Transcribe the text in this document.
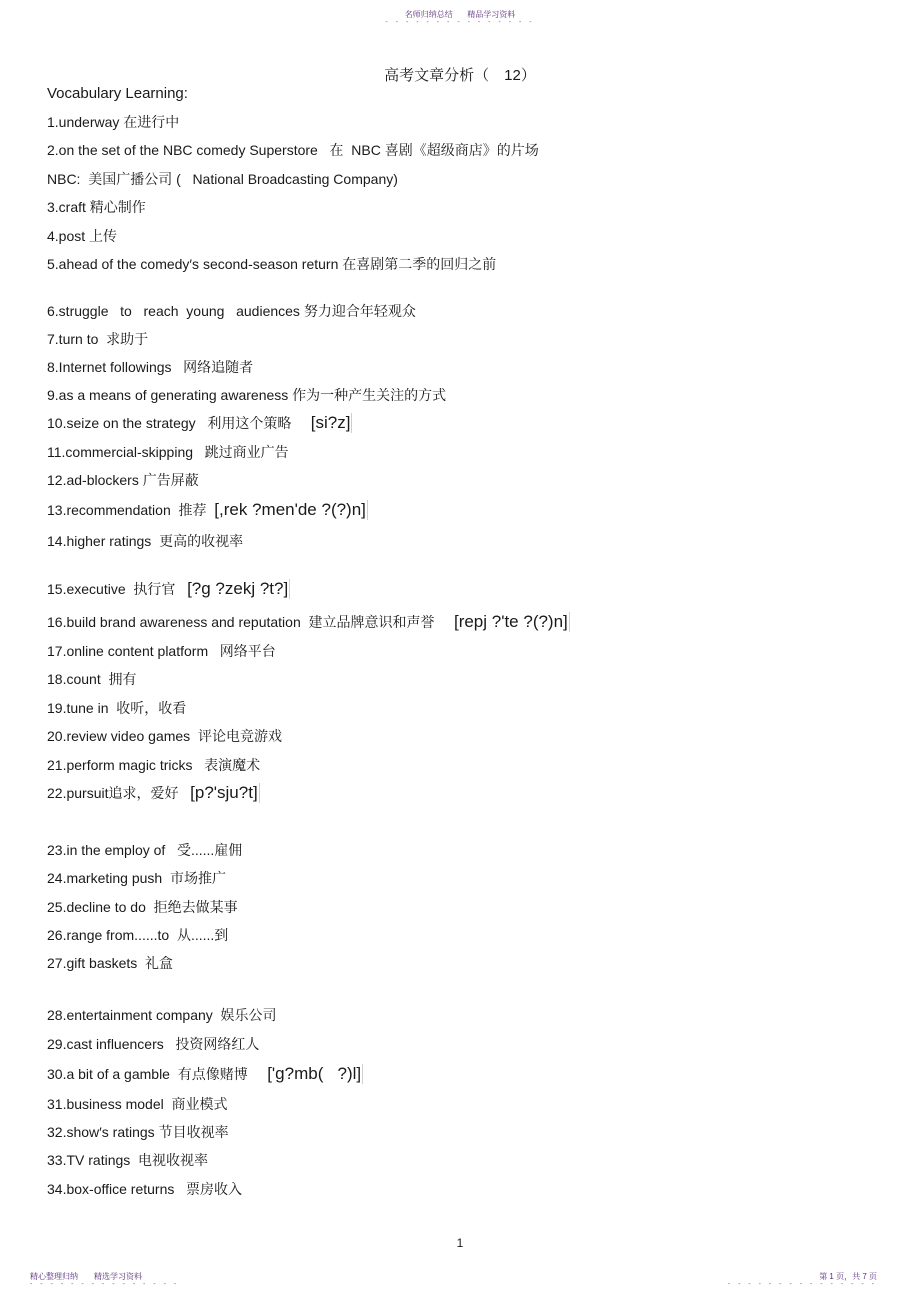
名师归纳总结 精品学习资料
- - - - - - - - - - - - - - -
高考文章分析（　12）
Vocabulary Learning:
1.underway 在进行中
2.on the set of the NBC comedy Superstore   在  NBC 喜剧《超级商店》的片场
NBC:  美国广播公司 (   National Broadcasting Company)
3.craft 精心制作
4.post 上传
5.ahead of the comedy′s second-season return 在喜剧第二季的回归之前
6.struggle   to   reach  young   audiences 努力迎合年轻观众
7.turn to  求助于
8.Internet followings   网络追随者
9.as a means of generating awareness 作为一种产生关注的方式
10.seize on the strategy   利用这个策略     [si?z]
11.commercial-skipping   跳过商业广告
12.ad-blockers 广告屏蔽
13.recommendation  推荐  [,rek ?men'de ?(?)n]
14.higher ratings  更高的收视率
15.executive  执行官   [?g ?zekj ?t?]
16.build brand awareness and reputation  建立品牌意识和声誉     [repj ?'te ?(?)n]
17.online content platform   网络平台
18.count  拥有
19.tune in  收听，收看
20.review video games  评论电竞游戏
21.perform magic tricks   表演魔术
22.pursuit追求，爱好   [p?'sju?t]
23.in the employ of   受......雇佣
24.marketing push  市场推广
25.decline to do  拒绝去做某事
26.range from......to  从......到
27.gift baskets  礼盒
28.entertainment company  娱乐公司
29.cast influencers   投资网络红人
30.a bit of a gamble  有点像赌博     ['g?mb(   ?)l]
31.business model  商业模式
32.show′s ratings 节目收视率
33.TV ratings  电视收视率
34.box-office returns   票房收入
1
精心整理归纳　　精选学习资料
- - - - - - - - - - - - - - -
第 1 页，共 7 页
- - - - - - - - - - - - - - -
